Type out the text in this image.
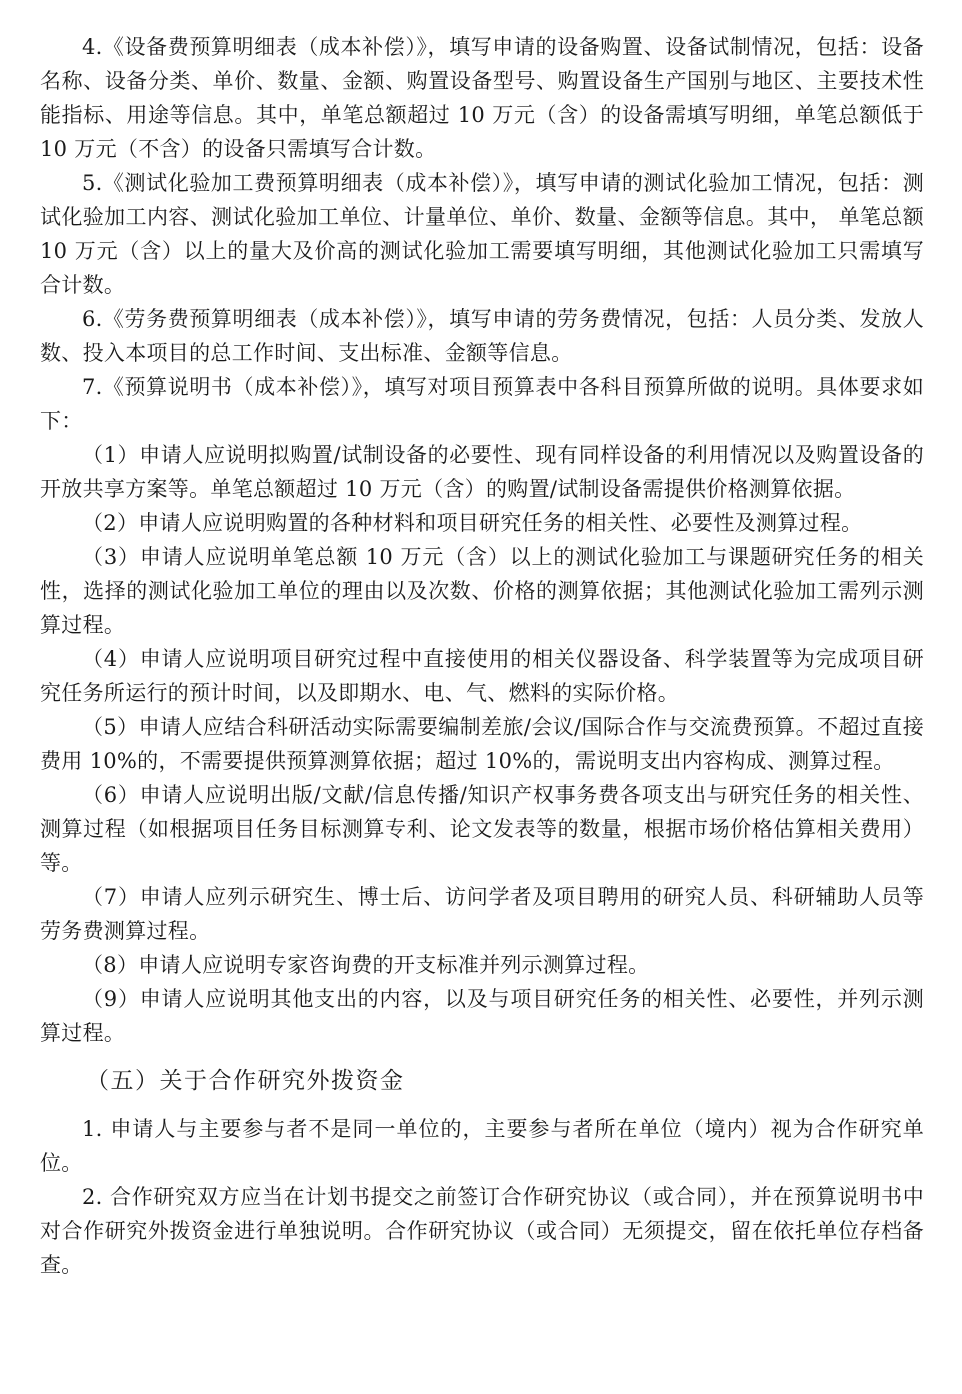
4.《设备费预算明细表（成本补偿）》，填写申请的设备购置、设备试制情况，包括：设备名称、设备分类、单价、数量、金额、购置设备型号、购置设备生产国别与地区、主要技术性能指标、用途等信息。其中，单笔总额超过 10 万元（含）的设备需填写明细，单笔总额低于 10 万元（不含）的设备只需填写合计数。

5.《测试化验加工费预算明细表（成本补偿）》，填写申请的测试化验加工情况，包括：测试化验加工内容、测试化验加工单位、计量单位、单价、数量、金额等信息。其中， 单笔总额 10 万元（含）以上的量大及价高的测试化验加工需要填写明细，其他测试化验加工只需填写合计数。

6.《劳务费预算明细表（成本补偿）》，填写申请的劳务费情况，包括：人员分类、发放人数、投入本项目的总工作时间、支出标准、金额等信息。

7.《预算说明书（成本补偿）》，填写对项目预算表中各科目预算所做的说明。具体要求如下：

（1）申请人应说明拟购置/试制设备的必要性、现有同样设备的利用情况以及购置设备的开放共享方案等。单笔总额超过 10 万元（含）的购置/试制设备需提供价格测算依据。

（2）申请人应说明购置的各种材料和项目研究任务的相关性、必要性及测算过程。

（3）申请人应说明单笔总额 10 万元（含）以上的测试化验加工与课题研究任务的相关性，选择的测试化验加工单位的理由以及次数、价格的测算依据；其他测试化验加工需列示测算过程。

（4）申请人应说明项目研究过程中直接使用的相关仪器设备、科学装置等为完成项目研究任务所运行的预计时间，以及即期水、电、气、燃料的实际价格。

（5）申请人应结合科研活动实际需要编制差旅/会议/国际合作与交流费预算。不超过直接费用 10%的，不需要提供预算测算依据；超过 10%的，需说明支出内容构成、测算过程。

（6）申请人应说明出版/文献/信息传播/知识产权事务费各项支出与研究任务的相关性、测算过程（如根据项目任务目标测算专利、论文发表等的数量，根据市场价格估算相关费用）等。

（7）申请人应列示研究生、博士后、访问学者及项目聘用的研究人员、科研辅助人员等劳务费测算过程。

（8）申请人应说明专家咨询费的开支标准并列示测算过程。

（9）申请人应说明其他支出的内容，以及与项目研究任务的相关性、必要性，并列示测算过程。

（五）关于合作研究外拨资金

1. 申请人与主要参与者不是同一单位的，主要参与者所在单位（境内）视为合作研究单位。

2. 合作研究双方应当在计划书提交之前签订合作研究协议（或合同），并在预算说明书中对合作研究外拨资金进行单独说明。合作研究协议（或合同）无须提交，留在依托单位存档备查。
